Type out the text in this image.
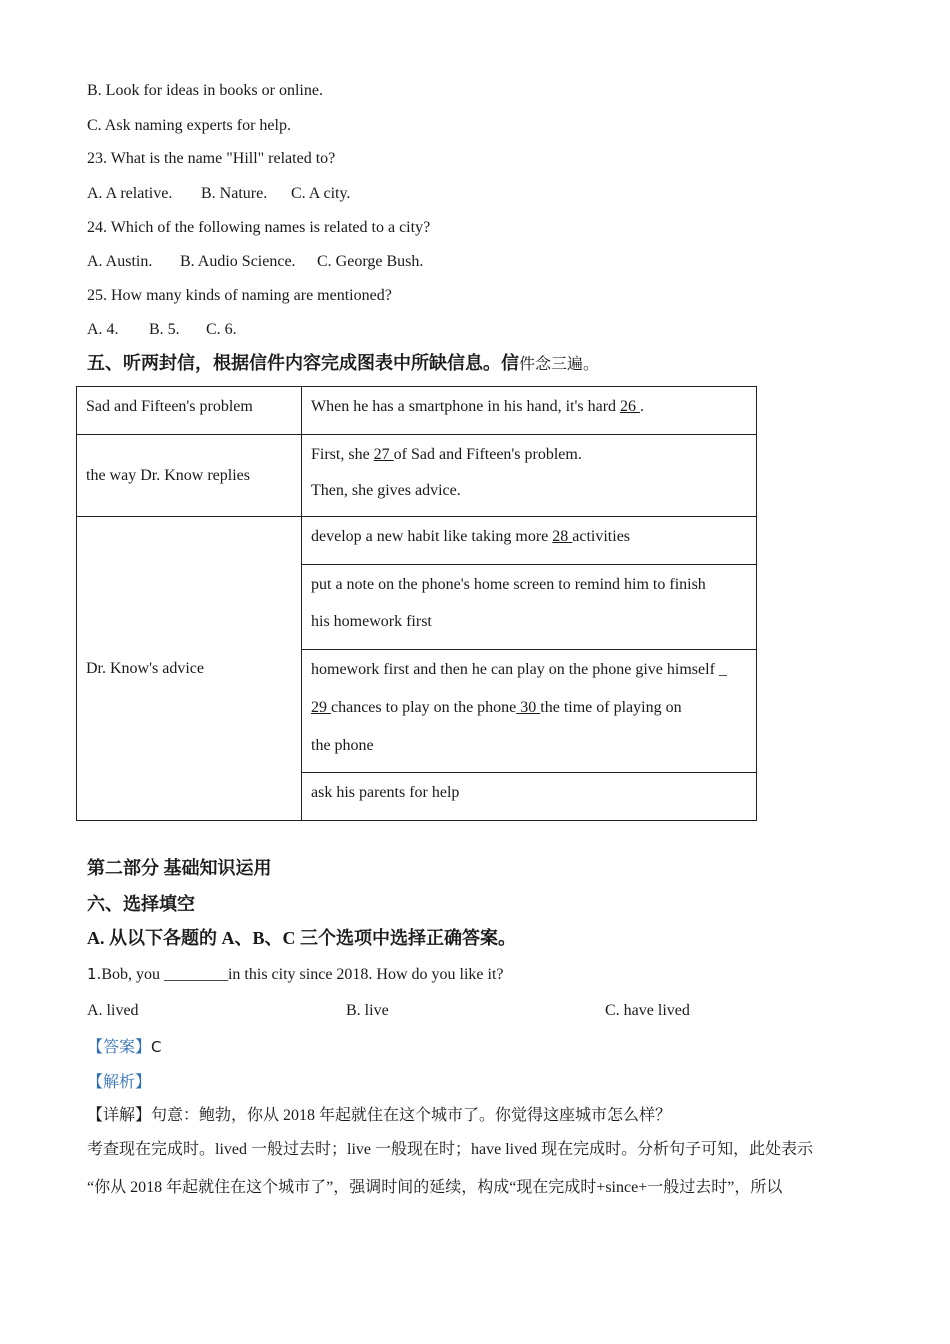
B. Look for ideas in books or online.
C. Ask naming experts for help.
23. What is the name "Hill" related to?
A. A relative. B. Nature. C. A city.
24. Which of the following names is related to a city?
A. Austin. B. Audio Science. C. George Bush.
25. How many kinds of naming are mentioned?
A. 4. B. 5. C. 6.
五、听两封信，根据信件内容完成图表中所缺信息。信件念三遍。
Sad and Fifteen's problem	When he has a smartphone in his hand, it's hard 26 .
the way Dr. Know replies	First, she 27 of Sad and Fifteen's problem.
Then, she gives advice.

Dr. Know's advice	develop a new habit like taking more 28 activities

	put a note on the phone's home screen to remind him to finish
his homework first

	homework first and then he can play on the phone give himself _
29 chances to play on the phone 30 the time of playing on
the phone

	ask his parents for help
第二部分 基础知识运用
六、选择填空
A. 从以下各题的 A、B、C 三个选项中选择正确答案。
1.Bob, you ________in this city since 2018. How do you like it?
A. lived	B. live	C. have lived
【答案】C
【解析】
【详解】句意：鲍勃，你从 2018 年起就住在这个城市了。你觉得这座城市怎么样？
考查现在完成时。lived 一般过去时；live 一般现在时；have lived 现在完成时。分析句子可知，此处表示
“你从 2018 年起就住在这个城市了”，强调时间的延续，构成“现在完成时+since+一般过去时”，所以
